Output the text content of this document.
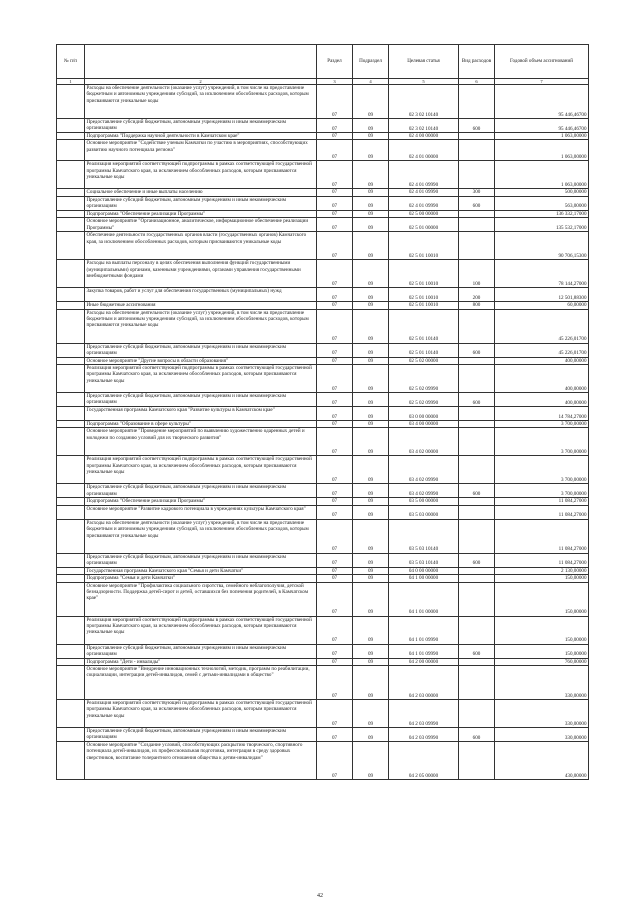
№ п/п		Раздел	Подраздел	Целевая статья	Вид расходов	Годовой объем ассигнований
1	2	3	4	5	6	7
	Расходы на обеспечение деятельности (оказание услуг) учреждений, в том числе на предоставление бюджетным и автономным учреждениям субсидий, за исключением обособленных расходов, которым присваиваются уникальные коды	07	09	02 3 02 10140		95 446,46700
	Предоставление субсидий бюджетным, автономным учреждениям и иным некоммерческим организациям	07	09	02 3 02 10140	600	95 446,46700
	Подпрограмма "Поддержка научной деятельности в Камчатском крае"	07	09	02 4 00 00000		1 063,00000
	Основное мероприятие "Содействие ученым Камчатки по участию в мероприятиях, способствующих развитию научного потенциала региона"	07	09	02 4 01 00000		1 063,00000
	Реализация мероприятий соответствующей подпрограммы в рамках соответствующей государственной программы Камчатского края, за исключением обособленных расходов, которым присваиваются уникальные коды	07	09	02 4 01 09990		1 063,00000
	Социальное обеспечение и иные выплаты населению	07	09	02 4 01 09990	300	500,00000
	Предоставление субсидий бюджетным, автономным учреждениям и иным некоммерческим организациям	07	09	02 4 01 09990	600	563,00000
	Подпрограмма "Обеспечение реализации Программы"	07	09	02 5 00 00000		136 332,17000
	Основное мероприятие "Организационное, аналитическое, информационное обеспечение реализации Программы"	07	09	02 5 01 00000		135 532,17000
	Обеспечение деятельности государственных органов власти (государственных органов) Камчатского края, за исключением обособленных расходов, которым присваиваются уникальные коды	07	09	02 5 01 10010		90 706,15300
	Расходы на выплаты персоналу в целях обеспечения выполнения функций государственными (муниципальными) органами, казенными учреждениями, органами управления государственными внебюджетными фондами	07	09	02 5 01 10010	100	78 144,27000
	Закупка товаров, работ и услуг для обеспечения государственных (муниципальных) нужд	07	09	02 5 01 10010	200	12 501,88300
	Иные бюджетные ассигнования	07	09	02 5 01 10010	800	60,00000
	Расходы на обеспечение деятельности (оказание услуг) учреждений, в том числе на предоставление бюджетным и автономным учреждениям субсидий, за исключением обособленных расходов, которым присваиваются уникальные коды	07	09	02 5 01 10140		45 226,01700
	Предоставление субсидий бюджетным, автономным учреждениям и иным некоммерческим организациям	07	09	02 5 01 10140	600	45 226,01700
	Основное мероприятие "Другие вопросы в области образования"	07	09	02 5 02 00000		400,00000
	Реализация мероприятий соответствующей подпрограммы в рамках соответствующей государственной программы Камчатского края, за исключением обособленных расходов, которым присваиваются уникальные коды	07	09	02 5 02 09990		400,00000
	Предоставление субсидий бюджетным, автономным учреждениям и иным некоммерческим организациям	07	09	02 5 02 09990	600	400,00000
	Государственная программа Камчатского края "Развитие культуры в Камчатском крае"	07	09	03 0 00 00000		14 784,27000
	Подпрограмма "Образование в сфере культуры"	07	09	03 4 00 00000		3 700,00000
	Основное мероприятие "Проведение мероприятий по выявлению художественно одаренных детей и молодежи по созданию условий для их творческого развития"	07	09	03 4 02 00000		3 700,00000
	Реализация мероприятий соответствующей подпрограммы в рамках соответствующей государственной программы Камчатского края, за исключением обособленных расходов, которым присваиваются уникальные коды	07	09	03 4 02 09990		3 700,00000
	Предоставление субсидий бюджетным, автономным учреждениям и иным некоммерческим организациям	07	09	03 4 02 09990	600	3 700,00000
	Подпрограмма "Обеспечение реализации Программы"	07	09	03 5 00 00000		11 084,27000
	Основное мероприятие "Развитие кадрового потенциала в учреждениях культуры Камчатского края"	07	09	03 5 03 00000		11 084,27000
	Расходы на обеспечение деятельности (оказание услуг) учреждений, в том числе на предоставление бюджетным и автономным учреждениям субсидий, за исключением обособленных расходов, которым присваиваются уникальные коды	07	09	03 5 03 10140		11 084,27000
	Предоставление субсидий бюджетным, автономным учреждениям и иным некоммерческим организациям	07	09	03 5 03 10140	600	11 084,27000
	Государственная программа Камчатского края "Семья и дети Камчатки"	07	09	04 0 00 00000		2 130,00000
	Подпрограмма "Семья и дети Камчатки"	07	09	04 1 00 00000		150,00000
	Основное мероприятие "Профилактика социального сиротства, семейного неблагополучия, детской безнадзорности. Поддержка детей-сирот и детей, оставшихся без попечения родителей, в Камчатском крае"	07	09	04 1 01 00000		150,00000
	Реализация мероприятий соответствующей подпрограммы в рамках соответствующей государственной программы Камчатского края, за исключением обособленных расходов, которым присваиваются уникальные коды	07	09	04 1 01 09990		150,00000
	Предоставление субсидий бюджетным, автономным учреждениям и иным некоммерческим организациям	07	09	04 1 01 09990	600	150,00000
	Подпрограмма "Дети - инвалиды"	07	09	04 2 00 00000		760,00000
	Основное мероприятие "Внедрение инновационных технологий, методик, программ по реабилитации, социализации, интеграции детей-инвалидов, семей с детьми-инвалидами в общество"	07	09	04 2 03 00000		330,00000
	Реализация мероприятий соответствующей подпрограммы в рамках соответствующей государственной программы Камчатского края, за исключением обособленных расходов, которым присваиваются уникальные коды	07	09	04 2 03 09990		330,00000
	Предоставление субсидий бюджетным, автономным учреждениям и иным некоммерческим организациям	07	09	04 2 03 09990	600	330,00000
	Основное мероприятие "Создание условий, способствующих раскрытию творческого, спортивного потенциала детей-инвалидов, их профессиональная подготовка, интеграция в среду здоровых сверстников, воспитание толерантного отношения общества к детям-инвалидам"	07	09	04 2 05 00000		430,00000
42
